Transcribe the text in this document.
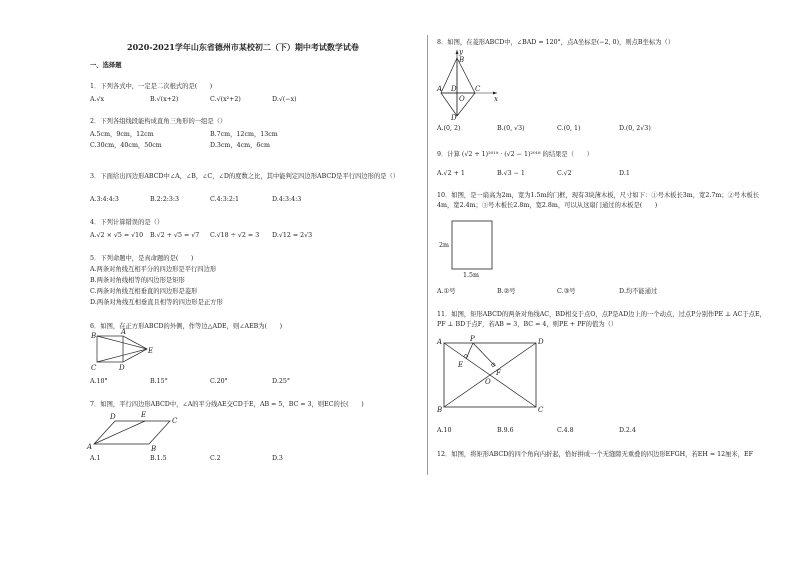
2020-2021学年山东省德州市某校初二（下）期中考试数学试卷
一、选择题
1．下列各式中，一定是二次根式的是(　　)
A.√x	B.√(x+2)	C.√(x²+2)	D.√(−x)
2．下列各组线段能构成直角三角形的一组是（）
A.5cm，9cm，12cm	B.7cm，12cm，13cm
C.30cm，40cm，50cm	D.3cm，4cm，6cm
3．下面给出四边形ABCD中∠A，∠B，∠C，∠D的度数之比，其中能判定四边形ABCD是平行四边形的是（）
A.3:4:4:3	B.2:2:3:3	C.4:3:2:1	D.4:3:4:3
4．下列计算错误的是（）
A.√2 × √5 = √10 B.√2 + √5 = √7 C.√18 ÷ √2 = 3 D.√12 = 2√3
5．下列命题中，是真命题的是(　　)
A.两条对角线互相平分的四边形是平行四边形
B.两条对角线相等的四边形是矩形
C.两条对角线互相垂直的四边形是菱形
D.两条对角线互相垂直且相等的四边形是正方形
6．如图，在正方形ABCD的外侧，作等边△ADE，则∠AEB为(　　)
B	A
E
C	D
A.10°	B.15°	C.20°	D.25°
7．如图，平行四边形ABCD中，∠A的平分线AE交CD于E，AB = 5，BC = 3，则EC的长(　　)
D	E
C
A	B
A.1	B.1.5	C.2	D.3
8．如图，在菱形ABCD中，∠BAD = 120°，点A坐标是(−2, 0)，则点B坐标为（）
y
B
A D
O
C
x
D
A.(0, 2)	B.(0, √3)	C.(0, 1)	D.(0, 2√3)
9．计算 (√2 + 1)²⁰¹⁹ · (√2 − 1)²⁰¹⁸ 的结果是（　　）
A.√2 + 1	B.√3 − 1	C.√2	D.1
10．如图，是一扇高为2m，宽为1.5m的门框，现有3块薄木板，尺寸如下：①号木板长3m，宽2.7m；②号木板长4m，宽2.4m；③号木板长2.8m，宽2.8m，可以从这扇门通过的木板是(　　)
2m
1.5m
A.①号	B.②号	C.③号	D.均不能通过
11．如图，矩形ABCD的两条对角线AC，BD相交于点O，点P是AD边上的一个动点，过点P分别作PE ⊥ AC于点E，PF ⊥ BD于点F，若AB = 3，BC = 4，则PE + PF的值为（）
A	P	D
E
O
F
B	C
A.10	B.9.6	C.4.8	D.2.4
12．如图，将矩形ABCD的四个角向内折起，恰好拼成一个无缝隙无重叠的四边形EFGH，若EH = 12厘米，EF
